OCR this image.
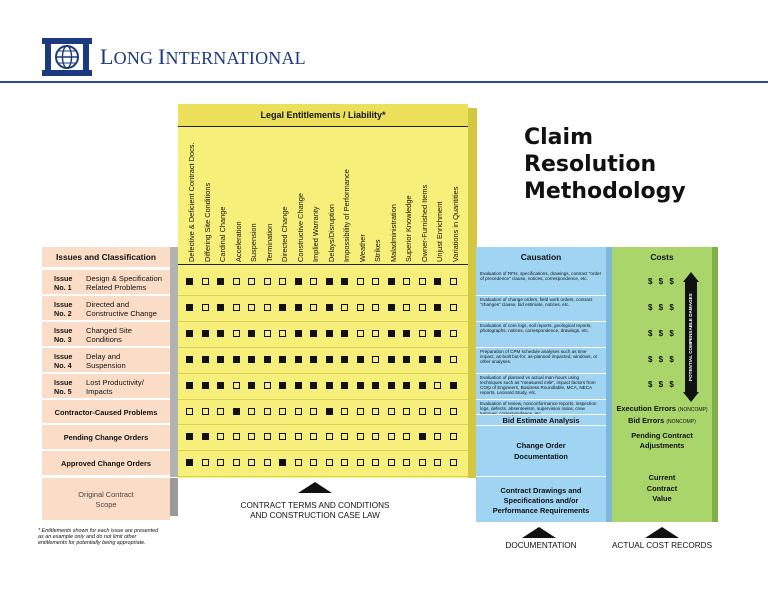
LONG INTERNATIONAL
Claim
Resolution
Methodology
Legal Entitlements / Liability*
Defective & Deficient Contract Docs. Differing Site Conditions Cardinal Change Acceleration Suspension Termination Directed Change Constructive Change Implied Warranty Delays/Disruption Impossibility of Performance Weather Strikes Maladministration Superior Knowledge Owner-Furnished Items Unjust Enrichment Variations in Quantities
Issues and Classification
Issue
No. 1
Design & Specification
Related Problems
Issue
No. 2
Directed and
Constructive Change
Issue
No. 3
Changed Site
Conditions
Issue
No. 4
Delay and
Suspension
Issue
No. 5
Lost Productivity/
Impacts
Contractor-Caused Problems
Pending Change Orders
Approved Change Orders
Original Contract
Scope	CONTRACT TERMS AND CONDITIONS
AND CONSTRUCTION CASE LAW
Causation
Evaluation of RFIs, specifications, drawings, contract "order of precedence" clause, notices, correspondence, etc.
Evaluation of change orders, field work orders, contract "changes" clause, bid estimate, notices, etc.
Evaluation of core logs, soil reports, geological reports, photographs, notices, correspondence, drawings, etc.
Preparation of CPM schedule analyses such as time impact, as-built but-for, as-planned impacted, windows, or other analyses.
Evaluation of planned vs actual man-hours using techniques such as "measured mile", impact factors from COrp of Engineers, Business Roundtable, MCA, NECA reports, Leonard Study, etc.
Evaluation of review, nonconformance reports, inspection logs, defects, absenteeism, supervision ratios, crew
Bid Estimate Analysis
Change Order
Documentation
Contract Drawings and
Specifications and/or
Performance Requirements
DOCUMENTATION
Costs
$ $ $
$ $ $
$ $ $
$ $ $
$ $ $
POTENTIAL COMPENSABLE DAMAGES
Execution Errors (NONCOMP)
Bid Errors (NONCOMP)
Pending Contract
Adjustments
Current
Contract
Value
ACTUAL COST RECORDS
* Entitlements shown for each issue are presented
as an example only and do not limit other
entitlements for potentially being appropriate.
